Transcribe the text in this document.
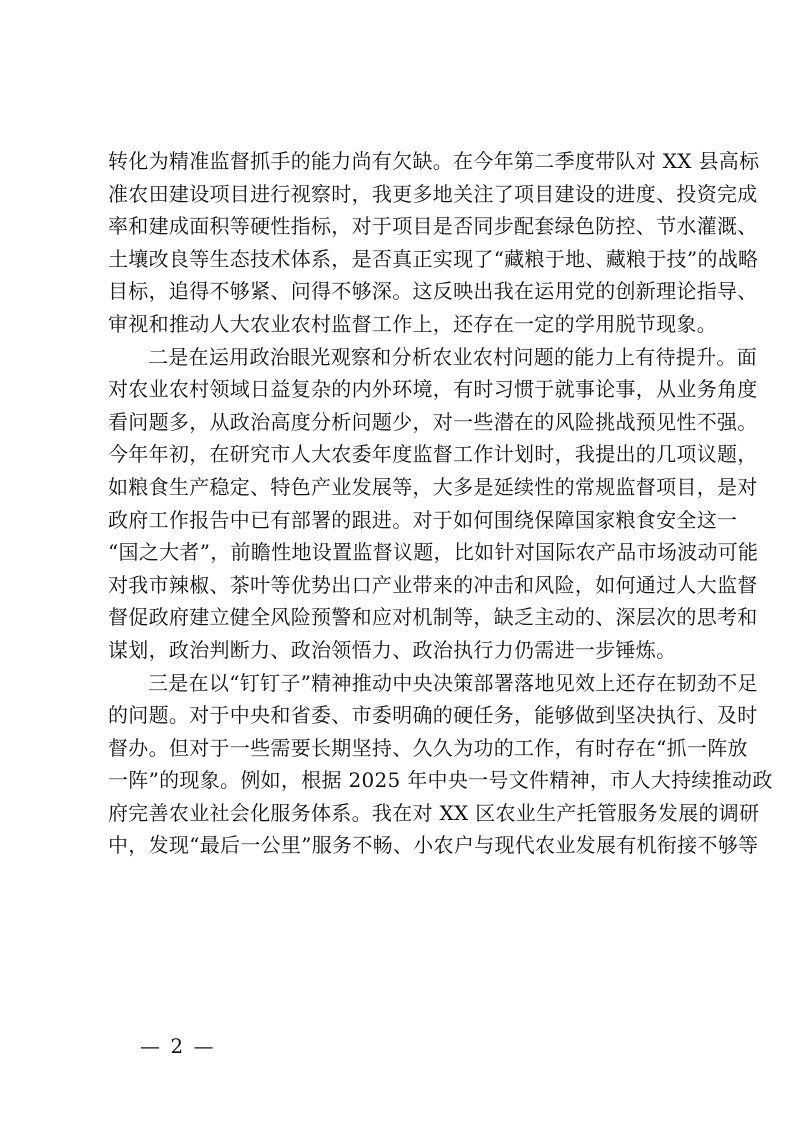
转化为精准监督抓手的能力尚有欠缺。在今年第二季度带队对 XX 县高标
准农田建设项目进行视察时，我更多地关注了项目建设的进度、投资完成
率和建成面积等硬性指标，对于项目是否同步配套绿色防控、节水灌溉、
土壤改良等生态技术体系，是否真正实现了“藏粮于地、藏粮于技”的战略
目标，追得不够紧、问得不够深。这反映出我在运用党的创新理论指导、
审视和推动人大农业农村监督工作上，还存在一定的学用脱节现象。
二是在运用政治眼光观察和分析农业农村问题的能力上有待提升。面
对农业农村领域日益复杂的内外环境，有时习惯于就事论事，从业务角度
看问题多，从政治高度分析问题少，对一些潜在的风险挑战预见性不强。
今年年初，在研究市人大农委年度监督工作计划时，我提出的几项议题，
如粮食生产稳定、特色产业发展等，大多是延续性的常规监督项目，是对
政府工作报告中已有部署的跟进。对于如何围绕保障国家粮食安全这一
“国之大者”，前瞻性地设置监督议题，比如针对国际农产品市场波动可能
对我市辣椒、茶叶等优势出口产业带来的冲击和风险，如何通过人大监督
督促政府建立健全风险预警和应对机制等，缺乏主动的、深层次的思考和
谋划，政治判断力、政治领悟力、政治执行力仍需进一步锤炼。
三是在以“钉钉子”精神推动中央决策部署落地见效上还存在韧劲不足
的问题。对于中央和省委、市委明确的硬任务，能够做到坚决执行、及时
督办。但对于一些需要长期坚持、久久为功的工作，有时存在“抓一阵放
一阵”的现象。例如，根据 2025 年中央一号文件精神，市人大持续推动政
府完善农业社会化服务体系。我在对 XX 区农业生产托管服务发展的调研
中，发现“最后一公里”服务不畅、小农户与现代农业发展有机衔接不够等
— 2 —
